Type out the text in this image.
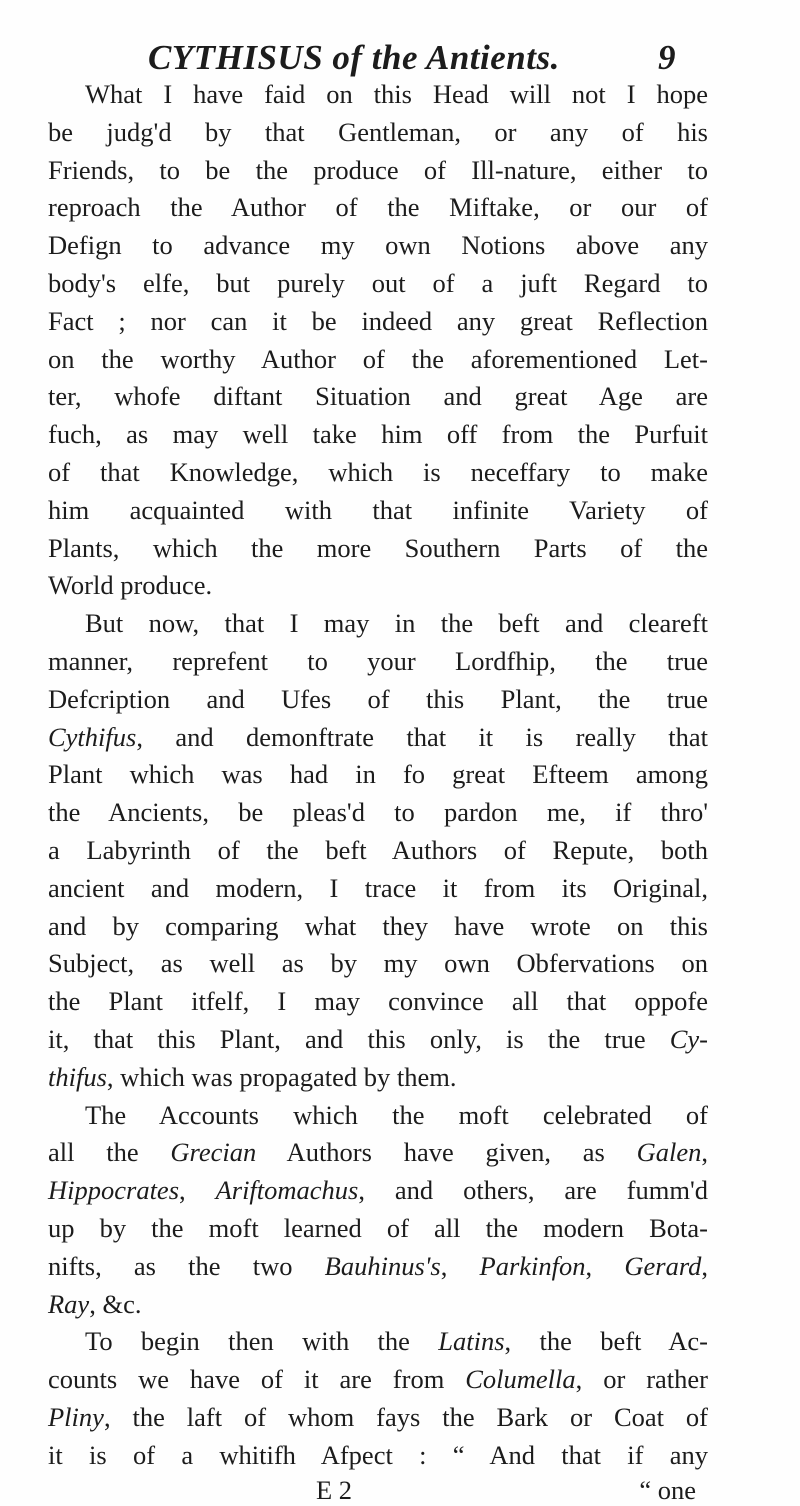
CYTHISUS of the Antients.	9
What I have faid on this Head will not I hope
be judg'd by that Gentleman, or any of his
Friends, to be the produce of Ill-nature, either to
reproach the Author of the Miftake, or our of
Defign to advance my own Notions above any
body's elfe, but purely out of a juft Regard to
Fact ; nor can it be indeed any great Reflection
on the worthy Author of the aforementioned Let-
ter, whofe diftant Situation and great Age are
fuch, as may well take him off from the Purfuit
of that Knowledge, which is neceffary to make
him acquainted with that infinite Variety of
Plants, which the more Southern Parts of the
World produce.
But now, that I may in the beft and cleareft
manner, reprefent to your Lordfhip, the true
Defcription and Ufes of this Plant, the true
Cythifus, and demonftrate that it is really that
Plant which was had in fo great Efteem among
the Ancients, be pleas'd to pardon me, if thro'
a Labyrinth of the beft Authors of Repute, both
ancient and modern, I trace it from its Original,
and by comparing what they have wrote on this
Subject, as well as by my own Obfervations on
the Plant itfelf, I may convince all that oppofe
it, that this Plant, and this only, is the true Cy-
thifus, which was propagated by them.
The Accounts which the moft celebrated of
all the Grecian Authors have given, as Galen,
Hippocrates, Ariftomachus, and others, are fumm'd
up by the moft learned of all the modern Bota-
nifts, as the two Bauhinus's, Parkinfon, Gerard,
Ray, &c.
To begin then with the Latins, the beft Ac-
counts we have of it are from Columella, or rather
Pliny, the laft of whom fays the Bark or Coat of
it is of a whitifh Afpect : “ And that if any
E 2	“ one
